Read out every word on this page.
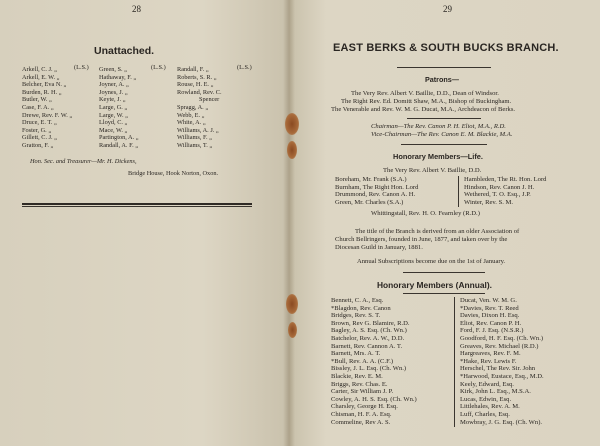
28
Unattached.
(L.S.)
Arkell, C. J. „
Arkell, E. W. „
Belcher, Eva N. „
Burden, R. H. „
Butler, W. „
Case, F. A. „
Drewe, Rev. F. W. „
Druce, E. T. „
Foster, G. „
Gillett, C. J. „
Gratton, F. „
(L.S.)
Green, S. „
Hathaway, F. „
Joyner, A. „
Joynes, J. „
Keyte, J. „
Large, G. „
Large, W. „
Lloyd, C. „
Mace, W. „
Partington, A. „
Randall, A. F. „
(L.S.)
Randall, F. „
Roberts, S. R. „
Rouse, H. E. „
Rowland, Rev. C.
Spencer
Spragg, A. „
Webb, E. „
White, A. „
Williams, A. J. „
Williams, F. „
Williams, T. „
Hon. Sec. and Treasurer—Mr. H. Dickens,
Bridge House, Hook Norton, Oxon.
29
EAST BERKS & SOUTH BUCKS BRANCH.
Patrons—
The Very Rev. Albert V. Baillie, D.D., Dean of Windsor.
The Right Rev. Ed. Domitt Shaw, M.A., Bishop of Buckingham.
The Venerable and Rev. W. M. G. Ducat, M.A., Archdeacon of Berks.
Chairman—The Rev. Canon P. H. Eliot, M.A., R.D.
Vice-Chairman—The Rev. Canon E. M. Blackie, M.A.
Honorary Members—Life.
The Very Rev. Albert V. Baillie, D.D.
Boreham, Mr. Frank (S.A.)
Burnham, The Right Hon. Lord
Drummond, Rev. Canon A. H.
Green, Mr. Charles (S.A.)
Hambleden, The Rt. Hon. Lord
Hindson, Rev. Canon J. H.
Wethered, T. O. Esq., J.P.
Winter, Rev. S. M.
Whittingstall, Rev. H. O. Fearnley (R.D.)
The title of the Branch is derived from an older Association of
Church Bellringers, founded in June, 1877, and taken over by the
Diocesan Guild in January, 1881.
Annual Subscriptions become due on the 1st of January.
Honorary Members (Annual).
Bennett, C. A., Esq.
*Blagdon, Rev. Canon
Bridges, Rev. S. T.
Brown, Rev G. Blamire, R.D.
Bagley, A. S. Esq. (Ch. Wn.)
Batchelor, Rev. A. W., D.D.
Barnett, Rev. Cannon A. T.
Barnett, Mrs. A. T.
*Bull, Rev. A. A. (C.F.)
Bissley, J. L. Esq. (Ch. Wn.)
Blackie, Rev. E. M.
Briggs, Rev. Chas. E.
Carter, Sir William J. P.
Cowley, A. H. S. Esq. (Ch. Wn.)
Charsley, George H. Esq.
Chisman, H. F. A. Esq.
Commeline, Rev A. S.
Ducat, Ven. W. M. G.
*Davies, Rev. T. Reed
Davies, Dixon H. Esq.
Eliot, Rev. Canon P. H.
Ford, F. J. Esq. (N.S.R.)
Goodford, H. F. Esq. (Ch. Wn.)
Greaves, Rev. Michael (R.D.)
Hargreaves, Rev. F. M.
*Hake, Rev. Lewis F.
Herschel, The Rev. Sir. John
*Harwood, Eustace, Esq., M.D.
Keely, Edward, Esq.
Kirk, John L. Esq., M.S.A.
Lucas, Edwin, Esq.
Littlehales, Rev. A. M.
Luff, Charles, Esq.
Mowbray, J. G. Esq. (Ch. Wn).
